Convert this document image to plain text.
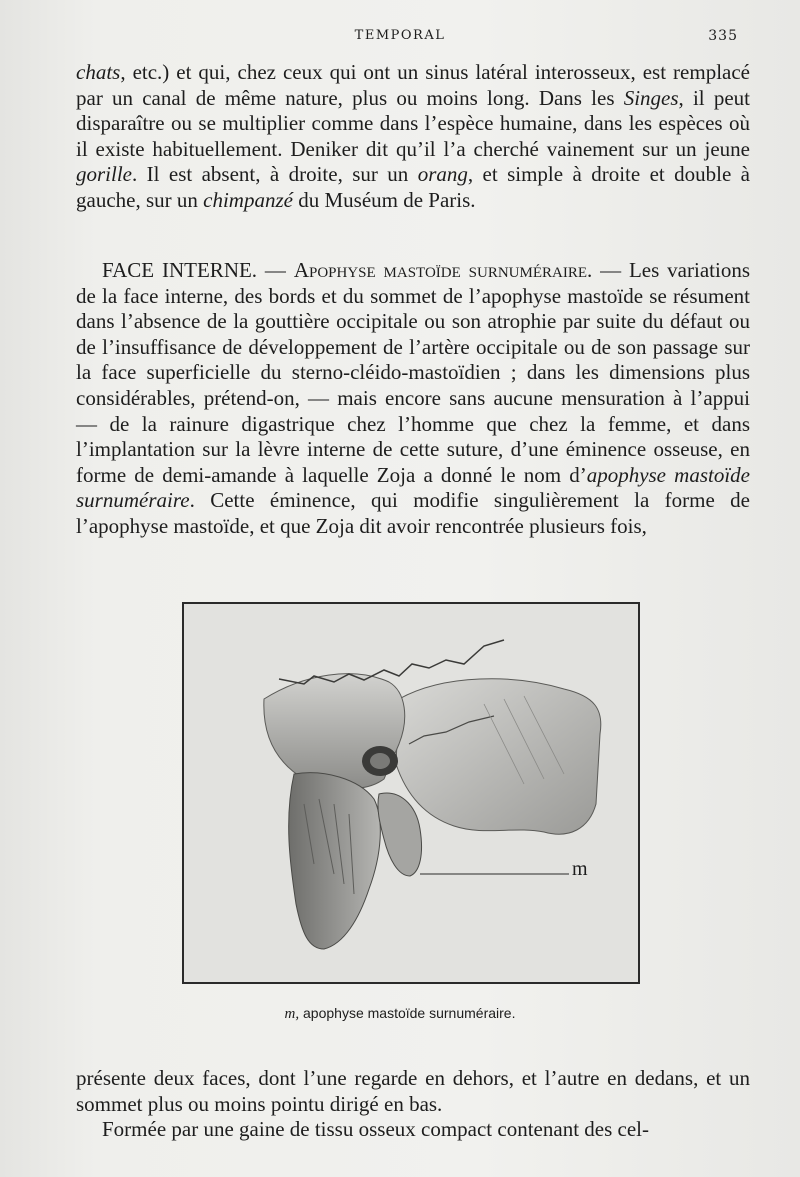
TEMPORAL	335

chats, etc.) et qui, chez ceux qui ont un sinus latéral interosseux, est remplacé par un canal de même nature, plus ou moins long. Dans les Singes, il peut disparaître ou se multiplier comme dans l’espèce humaine, dans les espèces où il existe habituellement. Deniker dit qu’il l’a cherché vainement sur un jeune gorille. Il est absent, à droite, sur un orang, et simple à droite et double à gauche, sur un chimpanzé du Muséum de Paris.

FACE INTERNE. — Apophyse mastoïde surnuméraire. — Les variations de la face interne, des bords et du sommet de l’apophyse mastoïde se résument dans l’absence de la gouttière occipitale ou son atrophie par suite du défaut ou de l’insuffisance de développement de l’artère occipitale ou de son passage sur la face superficielle du sterno-cléido-mastoïdien ; dans les dimensions plus considérables, prétend-on, — mais encore sans aucune mensuration à l’appui — de la rainure digastrique chez l’homme que chez la femme, et dans l’implantation sur la lèvre interne de cette suture, d’une éminence osseuse, en forme de demi-amande à laquelle Zoja a donné le nom d’apophyse mastoïde surnuméraire. Cette éminence, qui modifie singulièrement la forme de l’apophyse mastoïde, et que Zoja dit avoir rencontrée plusieurs fois,

m
m, apophyse mastoïde surnuméraire.

présente deux faces, dont l’une regarde en dehors, et l’autre en dedans, et un sommet plus ou moins pointu dirigé en bas.
Formée par une gaine de tissu osseux compact contenant des cel-
